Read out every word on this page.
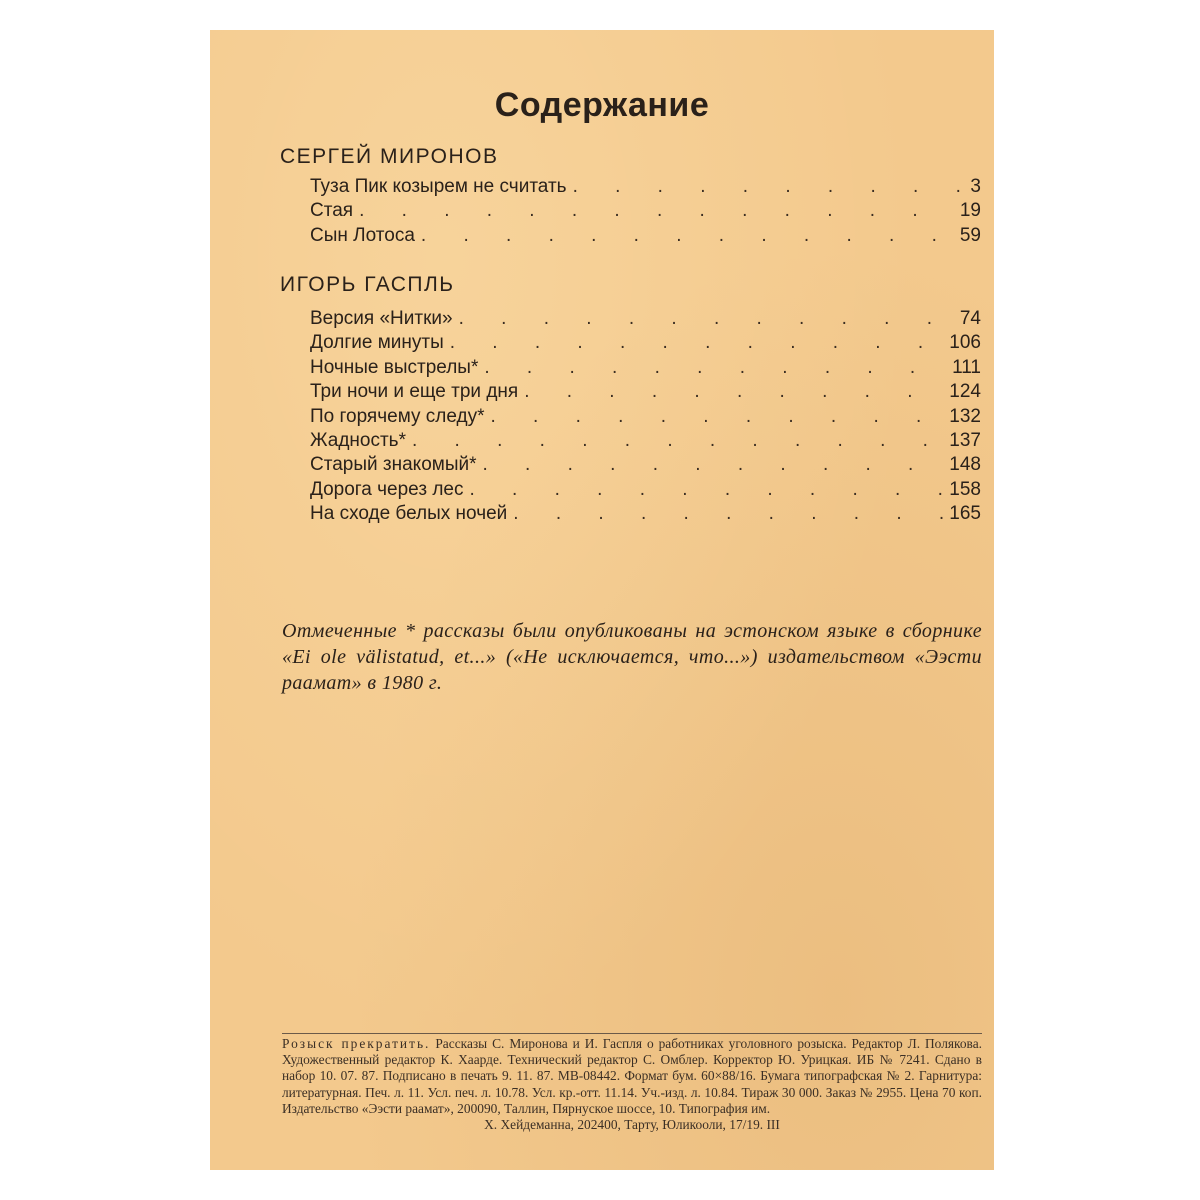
Содержание
СЕРГЕЙ МИРОНОВ
Туза Пик козырем не считать . . .	3
Стая . . .	19
Сын Лотоса . . .	59
ИГОРЬ ГАСПЛЬ
Версия «Нитки» . . .	74
Долгие минуты . . .	106
Ночные выстрелы* . . .	111
Три ночи и еще три дня . . .	124
По горячему следу* . . .	132
Жадность* . . .	137
Старый знакомый* . . .	148
Дорога через лес . . .	158
На сходе белых ночей . . .	165
Отмеченные * рассказы были опубликованы на эстонском языке в сборнике «Ei ole välistatud, et...» («Не исключается, что...») издательством «Ээсти раамат» в 1980 г.
Розыск прекратить. Рассказы С. Миронова и И. Гаспля о работниках уголовного розыска. Редактор Л. Полякова. Художественный редактор К. Хаарде. Технический редактор С. Омблер. Корректор Ю. Урицкая. ИБ № 7241. Сдано в набор 10. 07. 87. Подписано в печать 9. 11. 87. МВ-08442. Формат бум. 60×88/16. Бумага типографская № 2. Гарнитура: литературная. Печ. л. 11. Усл. печ. л. 10.78. Усл. кр.-отт. 11.14. Уч.-изд. л. 10.84. Тираж 30 000. Заказ № 2955. Цена 70 коп. Издательство «Ээсти раамат», 200090, Таллин, Пярнуское шоссе, 10. Типография им.
Х. Хейдеманна, 202400, Тарту, Юликооли, 17/19. III
